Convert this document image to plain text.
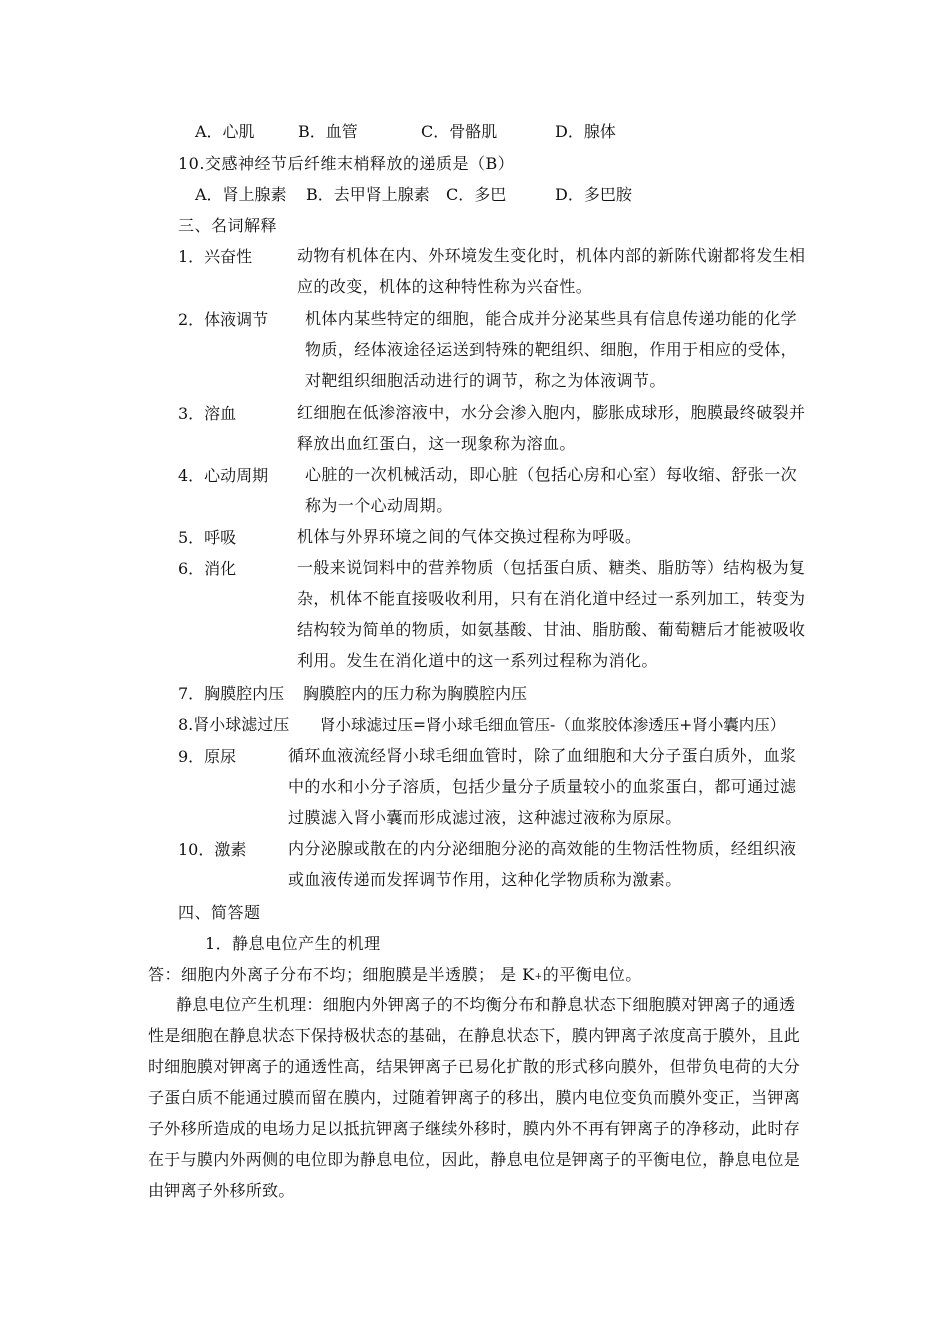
A．心肌	B．血管	C．骨骼肌	D．腺体
10.交感神经节后纤维末梢释放的递质是（B）
A．肾上腺素 B．去甲肾上腺素 C．多巴	D．多巴胺
三、名词解释
1．兴奋性	动物有机体在内、外环境发生变化时，机体内部的新陈代谢都将发生相应的改变，机体的这种特性称为兴奋性。
2．体液调节 机体内某些特定的细胞，能合成并分泌某些具有信息传递功能的化学物质，经体液途径运送到特殊的靶组织、细胞，作用于相应的受体，对靶组织细胞活动进行的调节，称之为体液调节。
3．溶血	红细胞在低渗溶液中，水分会渗入胞内，膨胀成球形，胞膜最终破裂并释放出血红蛋白，这一现象称为溶血。
4．心动周期 心脏的一次机械活动，即心脏（包括心房和心室）每收缩、舒张一次称为一个心动周期。
5．呼吸	机体与外界环境之间的气体交换过程称为呼吸。
6．消化	一般来说饲料中的营养物质（包括蛋白质、糖类、脂肪等）结构极为复杂，机体不能直接吸收利用，只有在消化道中经过一系列加工，转变为结构较为简单的物质，如氨基酸、甘油、脂肪酸、葡萄糖后才能被吸收利用。发生在消化道中的这一系列过程称为消化。
7．胸膜腔内压 胸膜腔内的压力称为胸膜腔内压
8.肾小球滤过压 肾小球滤过压=肾小球毛细血管压-（血浆胶体渗透压+肾小囊内压）
9．原尿	循环血液流经肾小球毛细血管时，除了血细胞和大分子蛋白质外，血浆中的水和小分子溶质，包括少量分子质量较小的血浆蛋白，都可通过滤过膜滤入肾小囊而形成滤过液，这种滤过液称为原尿。
10．激素	内分泌腺或散在的内分泌细胞分泌的高效能的生物活性物质，经组织液或血液传递而发挥调节作用，这种化学物质称为激素。
四、简答题
1．静息电位产生的机理
答：细胞内外离子分布不均；细胞膜是半透膜； 是 K+的平衡电位。
静息电位产生机理：细胞内外钾离子的不均衡分布和静息状态下细胞膜对钾离子的通透性是细胞在静息状态下保持极状态的基础，在静息状态下，膜内钾离子浓度高于膜外，且此时细胞膜对钾离子的通透性高，结果钾离子已易化扩散的形式移向膜外，但带负电荷的大分子蛋白质不能通过膜而留在膜内，过随着钾离子的移出，膜内电位变负而膜外变正，当钾离子外移所造成的电场力足以抵抗钾离子继续外移时，膜内外不再有钾离子的净移动，此时存在于与膜内外两侧的电位即为静息电位，因此，静息电位是钾离子的平衡电位，静息电位是由钾离子外移所致。
